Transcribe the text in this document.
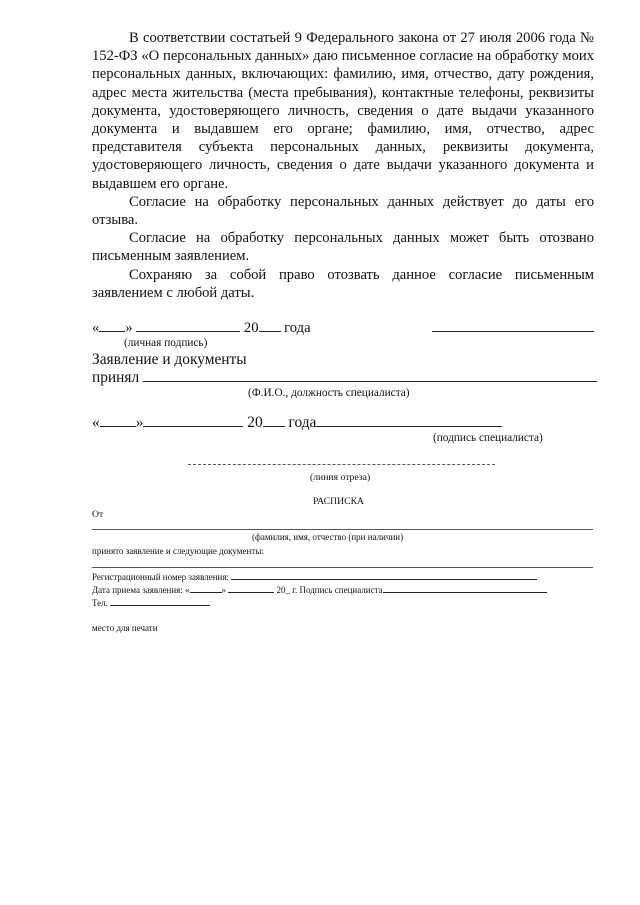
В соответствии состатьей 9 Федерального закона от 27 июля 2006 года № 152-ФЗ «О персональных данных» даю письменное согласие на обработку моих персональных данных, включающих: фамилию, имя, отчество, дату рождения, адрес места жительства (места пребывания), контактные телефоны, реквизиты документа, удостоверяющего личность, сведения о дате выдачи указанного документа и выдавшем его органе; фамилию, имя, отчество, адрес представителя субъекта персональных данных, реквизиты документа, удостоверяющего личность, сведения о дате выдачи указанного документа и выдавшем его органе.

Согласие на обработку персональных данных действует до даты его отзыва.

Согласие на обработку персональных данных может быть отозвано письменным заявлением.

Сохраняю за собой право отозвать данное согласие письменным заявлением с любой даты.

« »	20 года
(личная подпись)
Заявление и документы
принял
(Ф.И.О., должность специалиста)
« »	20 года
(подпись специалиста)
(линия отреза)
РАСПИСКА
От
(фамилия, имя, отчество (при наличии)
принято заявление и следующие документы:
Регистрационный номер заявления:
Дата приема заявления: «	»	20_ г. Подпись специалиста
Тел.
место для печати
